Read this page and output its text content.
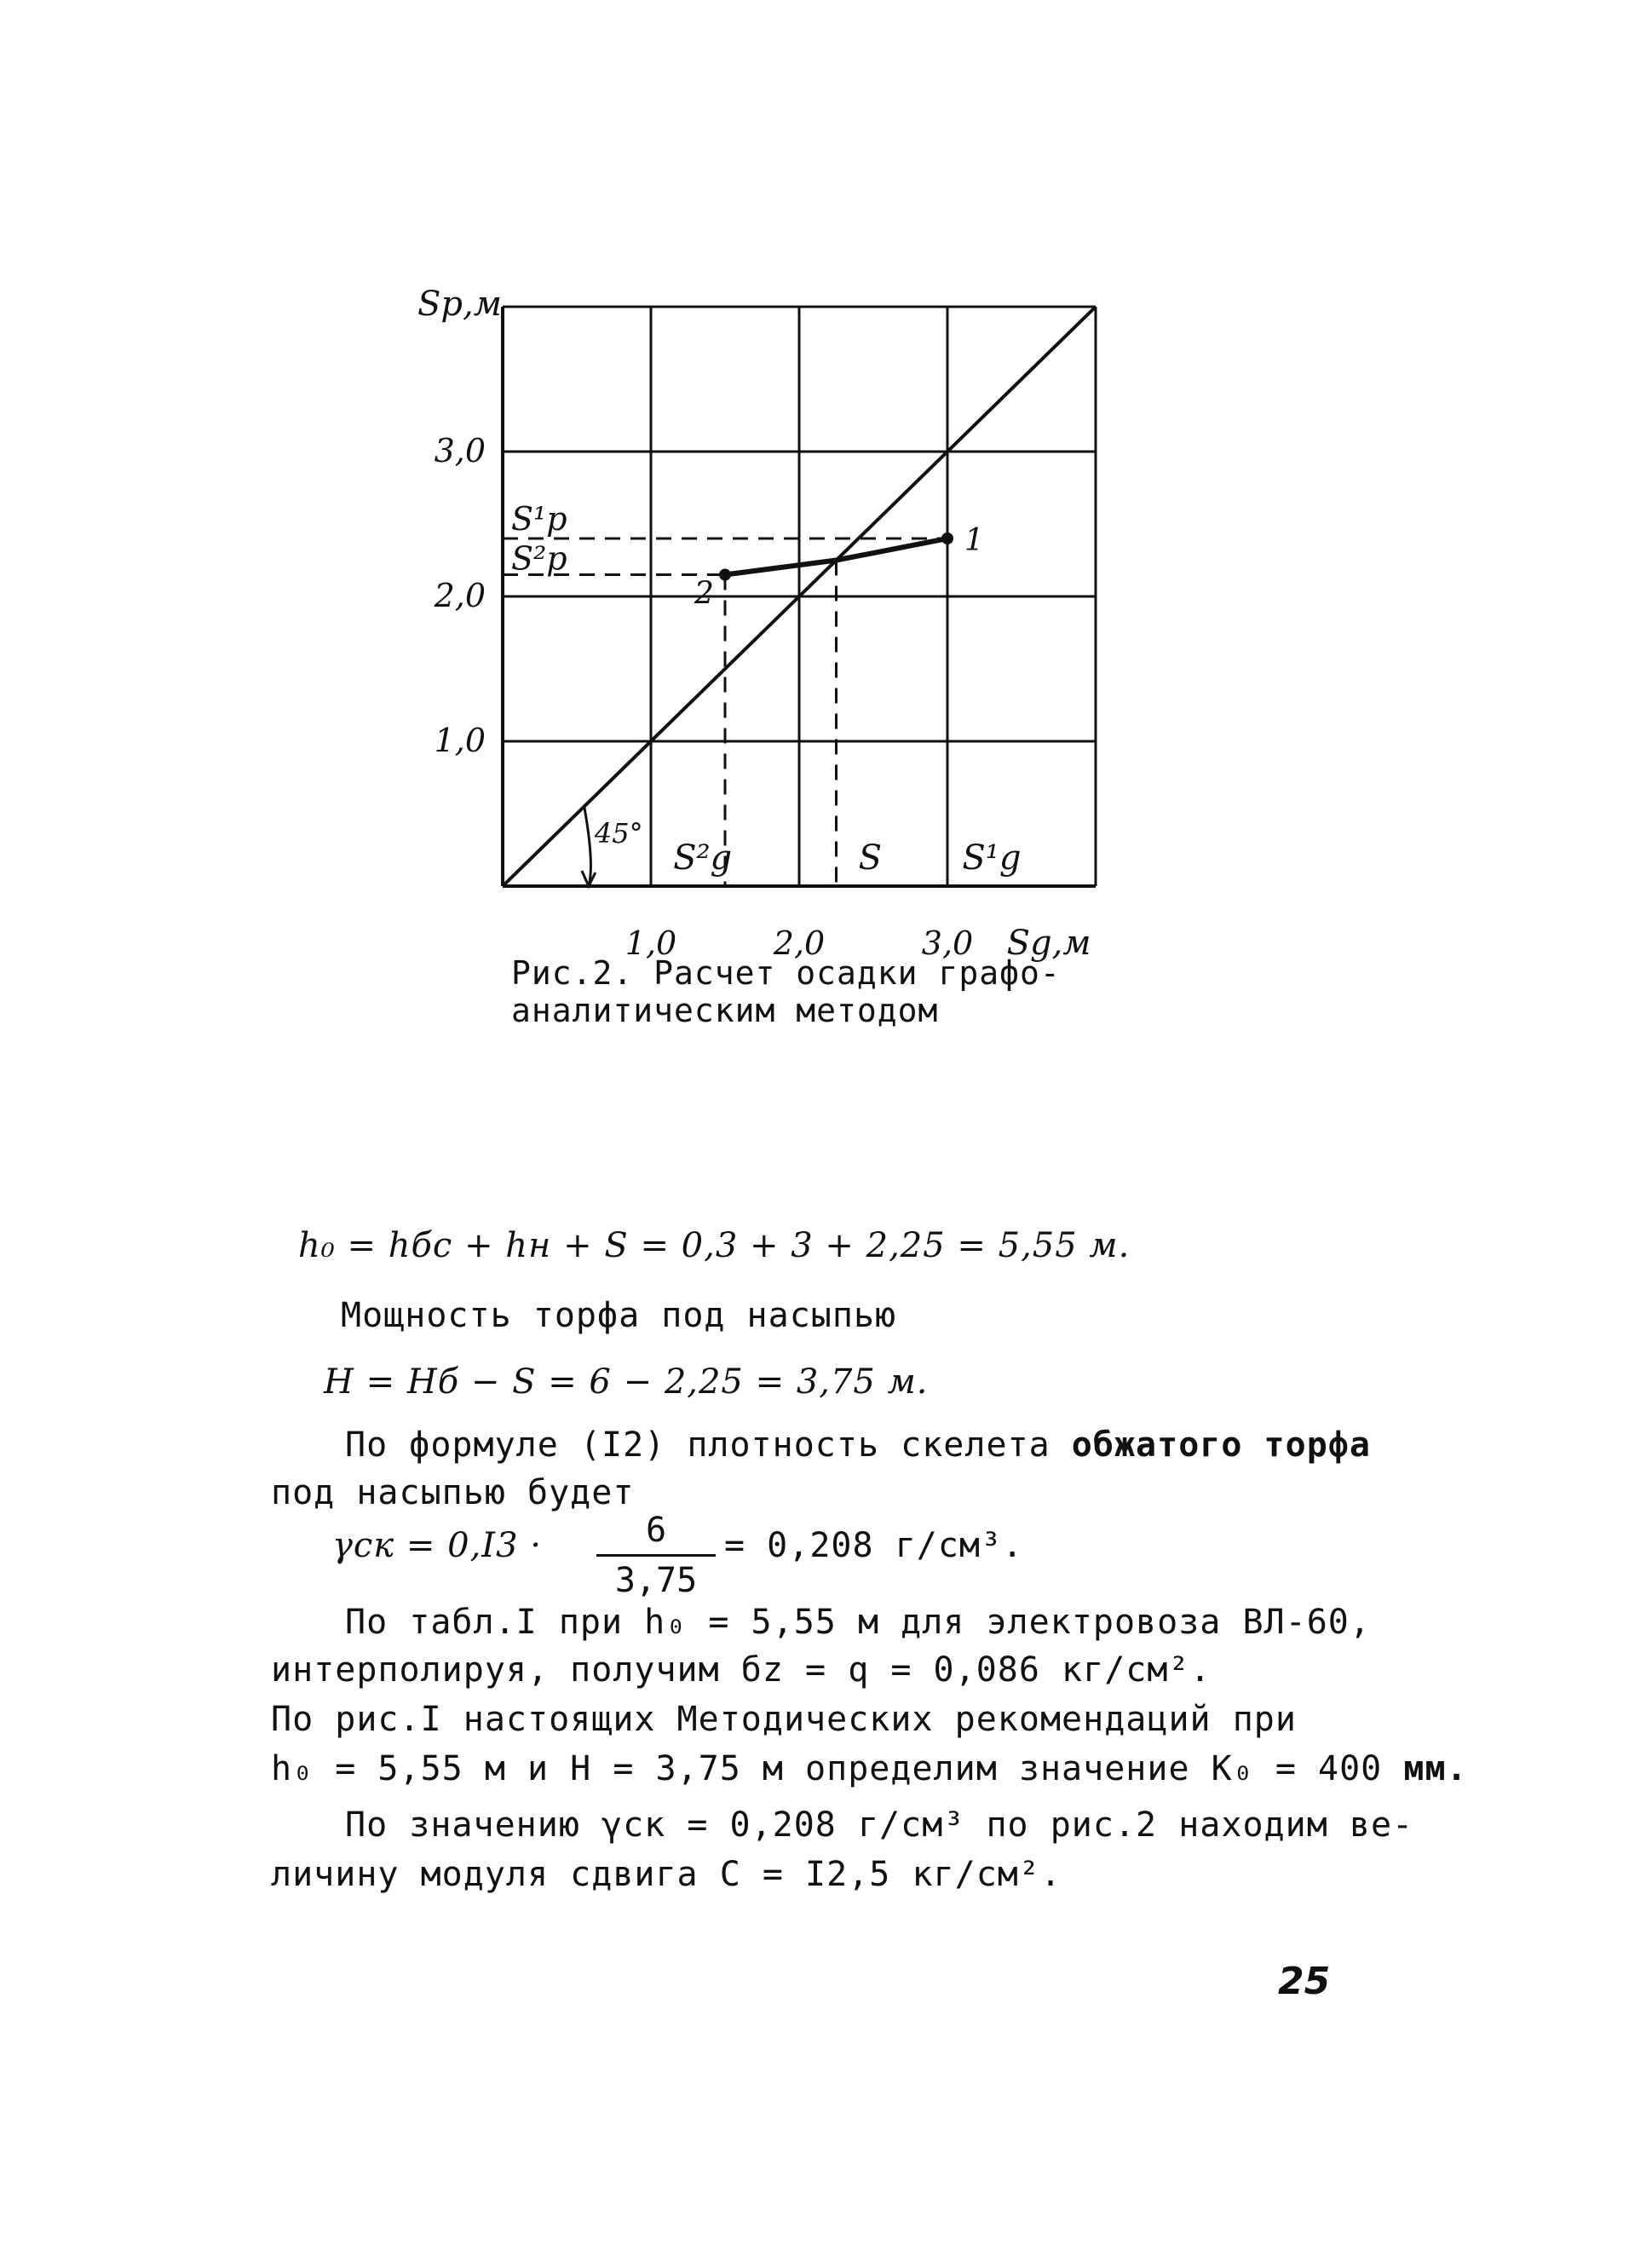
45°
Sp,м
Sg,м
3,0
2,0
1,0
1,0	2,0	3,0
1
2
S¹p
S²p
S²g	S S¹g
Рис.2. Расчет осадки графо-
аналитическим методом
h₀ = hбс + hн + S = 0,3 + 3 + 2,25 = 5,55 м.
Мощность торфа под насыпью
H = Hб − S = 6 − 2,25 = 3,75 м.
По формуле (I2) плотность скелета обжатого торфа
под насыпью будет
γск = 0,I3 ·	6
3,75
= 0,208 г/см³.
По табл.I при h₀ = 5,55 м для электровоза ВЛ-60,
интерполируя, получим бz = q = 0,086 кг/см².
По рис.I настоящих Методических рекомендаций при
h₀ = 5,55 м и H = 3,75 м определим значение K₀ = 400 мм.
По значению γск = 0,208 г/см³ по рис.2 находим ве-
личину модуля сдвига C = I2,5 кг/см².
25
